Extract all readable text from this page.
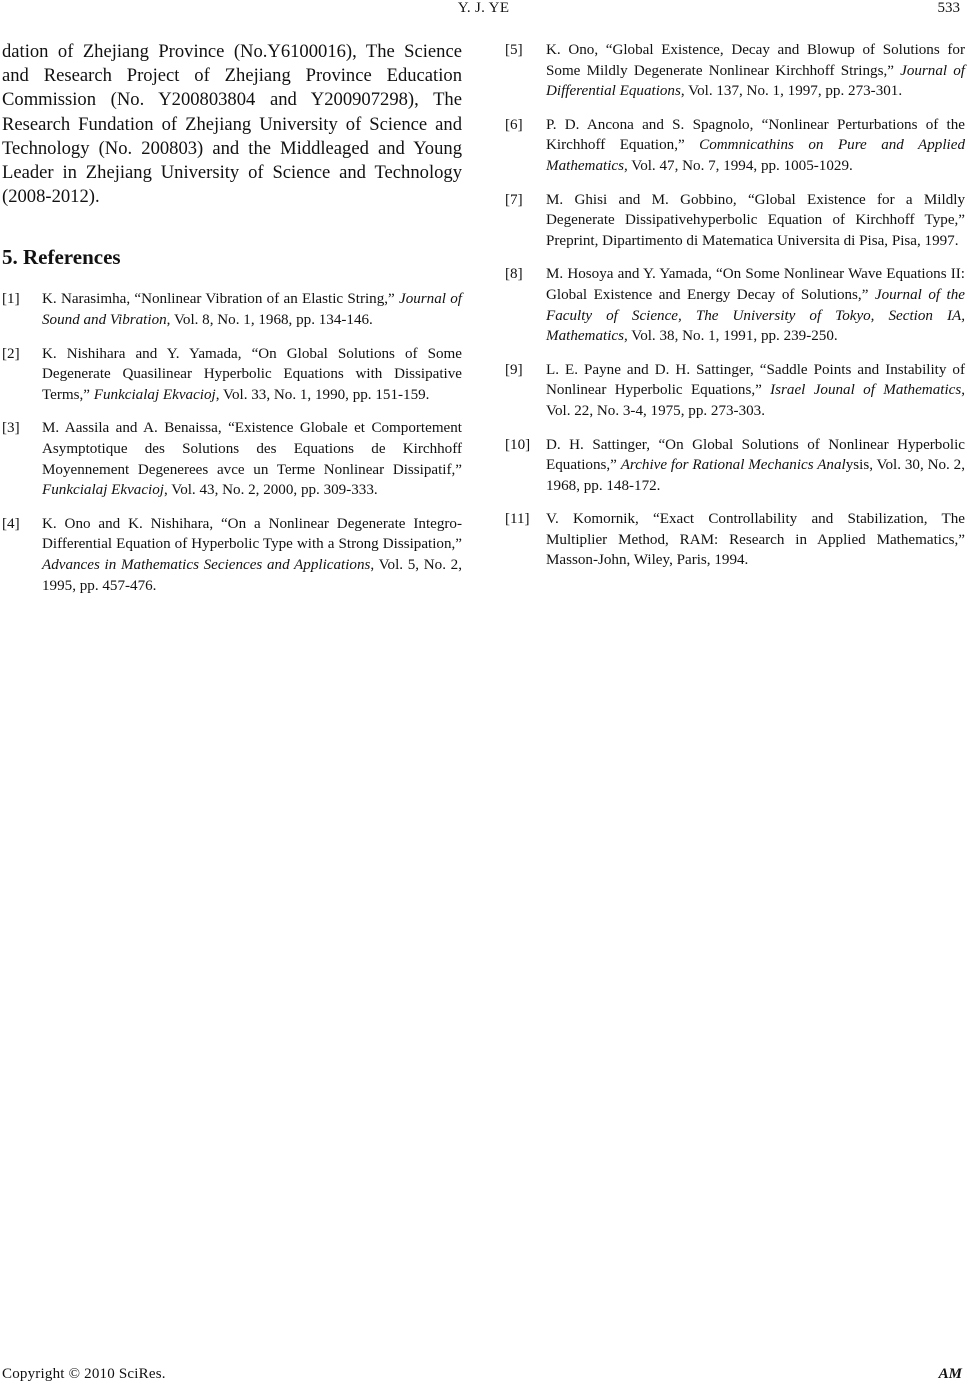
Y. J. YE	533

dation of Zhejiang Province (No.Y6100016), The Science and Research Project of Zhejiang Province Education Commission (No. Y200803804 and Y200907298), The Research Fundation of Zhejiang University of Science and Technology (No. 200803) and the Middleaged and Young Leader in Zhejiang University of Science and Technology (2008-2012).

5. References
[1]	K. Narasimha, “Nonlinear Vibration of an Elastic String,” Journal of Sound and Vibration, Vol. 8, No. 1, 1968, pp. 134-146.
[2]	K. Nishihara and Y. Yamada, “On Global Solutions of Some Degenerate Quasilinear Hyperbolic Equations with Dissipative Terms,” Funkcialaj Ekvacioj, Vol. 33, No. 1, 1990, pp. 151-159.
[3]	M. Aassila and A. Benaissa, “Existence Globale et Comportement Asymptotique des Solutions des Equations de Kirchhoff Moyennement Degenerees avce un Terme Nonlinear Dissipatif,” Funkcialaj Ekvacioj, Vol. 43, No. 2, 2000, pp. 309-333.
[4]	K. Ono and K. Nishihara, “On a Nonlinear Degenerate Integro-Differential Equation of Hyperbolic Type with a Strong Dissipation,” Advances in Mathematics Seciences and Applications, Vol. 5, No. 2, 1995, pp. 457-476.
[5]	K. Ono, “Global Existence, Decay and Blowup of Solutions for Some Mildly Degenerate Nonlinear Kirchhoff Strings,” Journal of Differential Equations, Vol. 137, No. 1, 1997, pp. 273-301.
[6]	P. D. Ancona and S. Spagnolo, “Nonlinear Perturbations of the Kirchhoff Equation,” Commnicathins on Pure and Applied Mathematics, Vol. 47, No. 7, 1994, pp. 1005-1029.
[7]	M. Ghisi and M. Gobbino, “Global Existence for a Mildly Degenerate Dissipativehyperbolic Equation of Kirchhoff Type,” Preprint, Dipartimento di Matematica Universita di Pisa, Pisa, 1997.
[8]	M. Hosoya and Y. Yamada, “On Some Nonlinear Wave Equations II: Global Existence and Energy Decay of Solutions,” Journal of the Faculty of Science, The University of Tokyo, Section IA, Mathematics, Vol. 38, No. 1, 1991, pp. 239-250.
[9]	L. E. Payne and D. H. Sattinger, “Saddle Points and Instability of Nonlinear Hyperbolic Equations,” Israel Jounal of Mathematics, Vol. 22, No. 3-4, 1975, pp. 273-303.
[10]	D. H. Sattinger, “On Global Solutions of Nonlinear Hyperbolic Equations,” Archive for Rational Mechanics Analysis, Vol. 30, No. 2, 1968, pp. 148-172.
[11]	V. Komornik, “Exact Controllability and Stabilization, The Multiplier Method, RAM: Research in Applied Mathematics,” Masson-John, Wiley, Paris, 1994.
Copyright © 2010 SciRes.	AM
